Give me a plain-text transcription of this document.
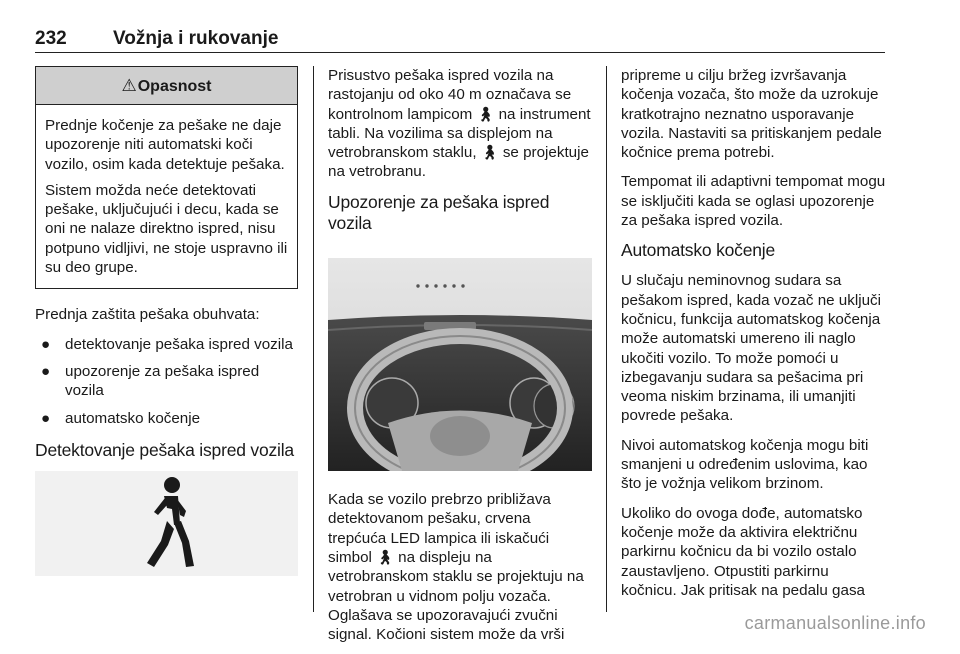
232 Vožnja i rukovanje
⚠Opasnost

Prednje kočenje za pešake ne daje upozorenje niti automatski koči vozilo, osim kada detektuje pešaka.

Sistem možda neće detektovati pešake, uključujući i decu, kada se oni ne nalaze direktno ispred, nisu potpuno vidljivi, ne stoje uspravno ili su deo grupe.

Prednja zaštita pešaka obuhvata:

● detektovanje pešaka ispred vozila
● upozorenje za pešaka ispred vozila
● automatsko kočenje
Detektovanje pešaka ispred vozila

Prisustvo pešaka ispred vozila na rastojanju od oko 40 m označava se kontrolnom lampicom 🚶︎ na instrument tabli. Na vozilima sa displejom na vetrobranskom staklu, 🚶︎ se projektuje na vetrobranu.

Upozorenje za pešaka ispred vozila

Kada se vozilo prebrzo približava detektovanom pešaku, crvena trepćuća LED lampica ili iskačući simbol 🚶︎ na displeju na vetrobranskom staklu se projektuju na vetrobran u vidnom polju vozača. Oglašava se upozoravajući zvučni signal. Kočioni sistem može da vrši

pripreme u cilju bržeg izvršavanja kočenja vozača, što može da uzrokuje kratkotrajno neznatno usporavanje vozila. Nastaviti sa pritiskanjem pedale kočnice prema potrebi.

Tempomat ili adaptivni tempomat mogu se isključiti kada se oglasi upozorenje za pešaka ispred vozila.

Automatsko kočenje

U slučaju neminovnog sudara sa pešakom ispred, kada vozač ne uključi kočnicu, funkcija automatskog kočenja može automatski umereno ili naglo ukočiti vozilo. To može pomoći u izbegavanju sudara sa pešacima pri veoma niskim brzinama, ili umanjiti povrede pešaka.

Nivoi automatskog kočenja mogu biti smanjeni u određenim uslovima, kao što je vožnja velikom brzinom.

Ukoliko do ovoga dođe, automatsko kočenje može da aktivira električnu parkirnu kočnicu da bi vozilo ostalo zaustavljeno. Otpustiti parkirnu kočnicu. Jak pritisak na pedalu gasa

carmanualsonline.info
